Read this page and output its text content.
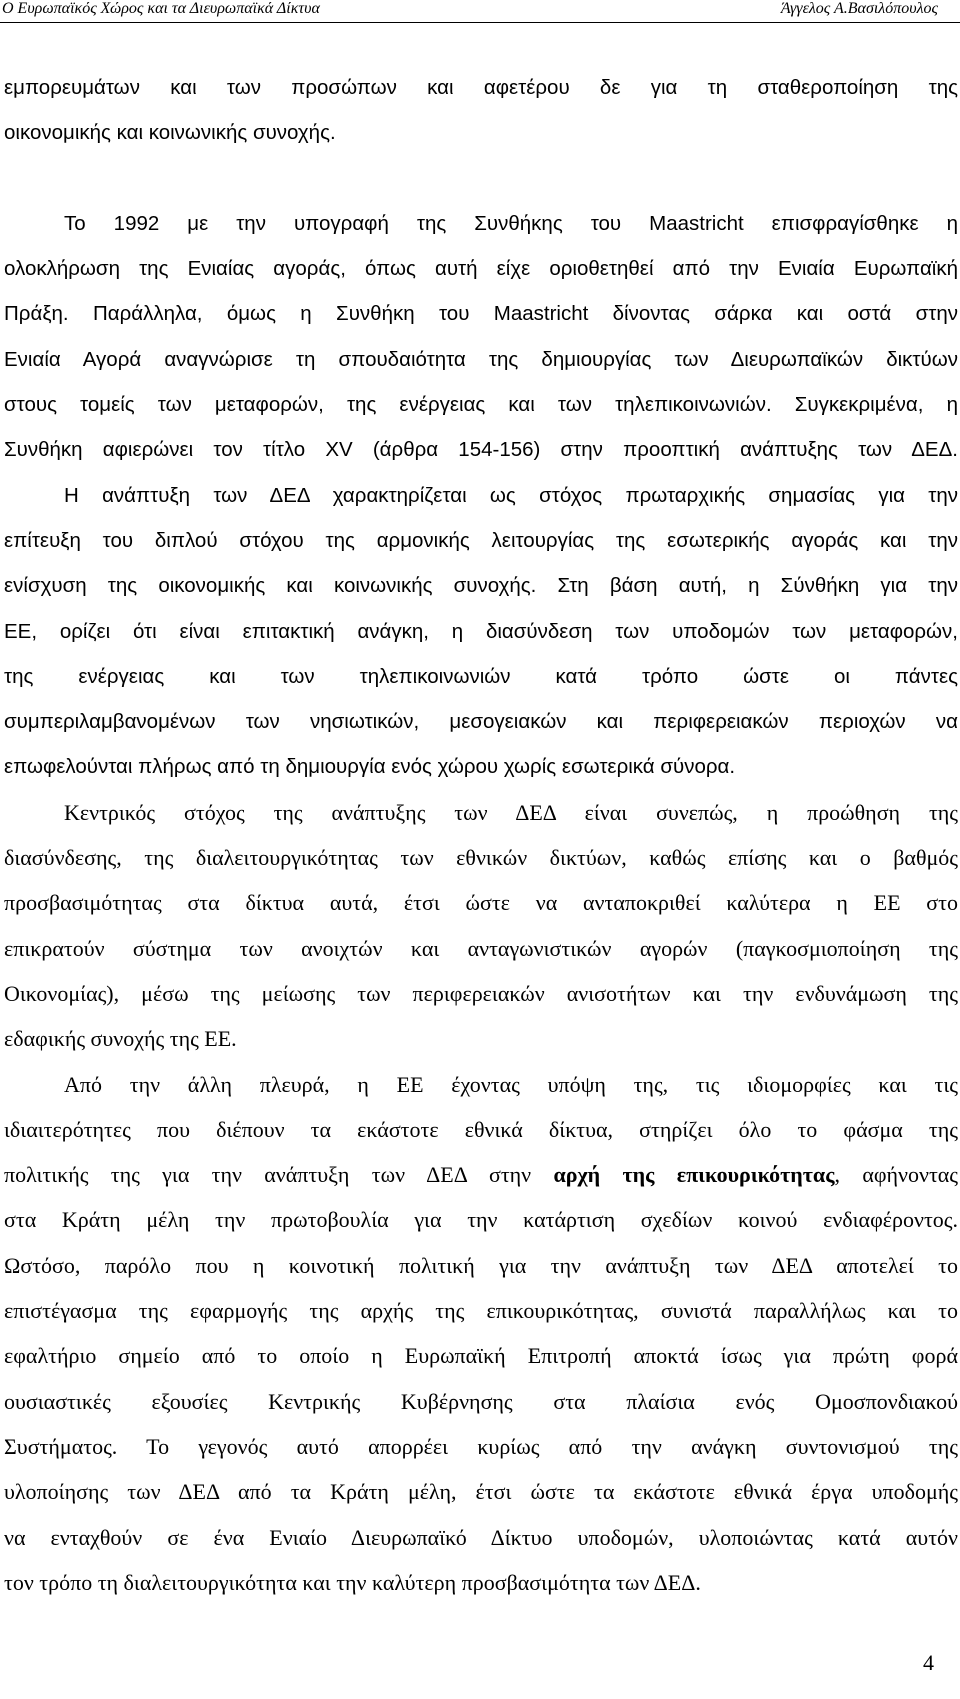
Ο Ευρωπαϊκός Χώρος και τα Διευρωπαϊκά Δίκτυα	Άγγελος Α.Βασιλόπουλος
εμπορευμάτων και των προσώπων και αφετέρου δε για τη σταθεροποίηση της
οικονομικής και κοινωνικής συνοχής.
Το 1992 με την υπογραφή της Συνθήκης του Maastricht επισφραγίσθηκε η
ολοκλήρωση της Ενιαίας αγοράς, όπως αυτή είχε οριοθετηθεί από την Ενιαία Ευρωπαϊκή
Πράξη. Παράλληλα, όμως η Συνθήκη του Maastricht δίνοντας σάρκα και οστά στην
Ενιαία Αγορά αναγνώρισε τη σπουδαιότητα της δημιουργίας των Διευρωπαϊκών δικτύων
στους τομείς των μεταφορών, της ενέργειας και των τηλεπικοινωνιών. Συγκεκριμένα, η
Συνθήκη αφιερώνει τον τίτλο XV (άρθρα 154-156) στην προοπτική ανάπτυξης των ΔΕΔ.
Η ανάπτυξη των ΔΕΔ χαρακτηρίζεται ως στόχος πρωταρχικής σημασίας για την
επίτευξη του διπλού στόχου της αρμονικής λειτουργίας της εσωτερικής αγοράς και την
ενίσχυση της οικονομικής και κοινωνικής συνοχής. Στη βάση αυτή, η Σύνθήκη για την
ΕΕ, ορίζει ότι είναι επιτακτική ανάγκη, η διασύνδεση των υποδομών των μεταφορών,
της ενέργειας και των τηλεπικοινωνιών κατά τρόπο ώστε οι πάντες
συμπεριλαμβανομένων των νησιωτικών, μεσογειακών και περιφερειακών περιοχών να
επωφελούνται πλήρως από τη δημιουργία ενός χώρου χωρίς εσωτερικά σύνορα.
Κεντρικός στόχος της ανάπτυξης των ΔΕΔ είναι συνεπώς, η προώθηση της
διασύνδεσης, της διαλειτουργικότητας των εθνικών δικτύων, καθώς επίσης και ο βαθμός
προσβασιμότητας στα δίκτυα αυτά, έτσι ώστε να ανταποκριθεί καλύτερα η ΕΕ στο
επικρατούν σύστημα των ανοιχτών και ανταγωνιστικών αγορών (παγκοσμιοποίηση της
Οικονομίας), μέσω της μείωσης των περιφερειακών ανισοτήτων και την ενδυνάμωση της
εδαφικής συνοχής της ΕΕ.
Από την άλλη πλευρά, η ΕΕ έχοντας υπόψη της, τις ιδιομορφίες και τις
ιδιαιτερότητες που διέπουν τα εκάστοτε εθνικά δίκτυα, στηρίζει όλο το φάσμα της
πολιτικής της για την ανάπτυξη των ΔΕΔ στην αρχή της επικουρικότητας, αφήνοντας
στα Κράτη μέλη την πρωτοβουλία για την κατάρτιση σχεδίων κοινού ενδιαφέροντος.
Ωστόσο, παρόλο που η κοινοτική πολιτική για την ανάπτυξη των ΔΕΔ αποτελεί το
επιστέγασμα της εφαρμογής της αρχής της επικουρικότητας, συνιστά παραλλήλως και το
εφαλτήριο σημείο από το οποίο η Ευρωπαϊκή Επιτροπή αποκτά ίσως για πρώτη φορά
ουσιαστικές εξουσίες Κεντρικής Κυβέρνησης στα πλαίσια ενός Ομοσπονδιακού
Συστήματος. Το γεγονός αυτό απορρέει κυρίως από την ανάγκη συντονισμού της
υλοποίησης των ΔΕΔ από τα Κράτη μέλη, έτσι ώστε τα εκάστοτε εθνικά έργα υποδομής
να ενταχθούν σε ένα Ενιαίο Διευρωπαϊκό Δίκτυο υποδομών, υλοποιώντας κατά αυτόν
τον τρόπο τη διαλειτουργικότητα και την καλύτερη προσβασιμότητα των ΔΕΔ.
4
